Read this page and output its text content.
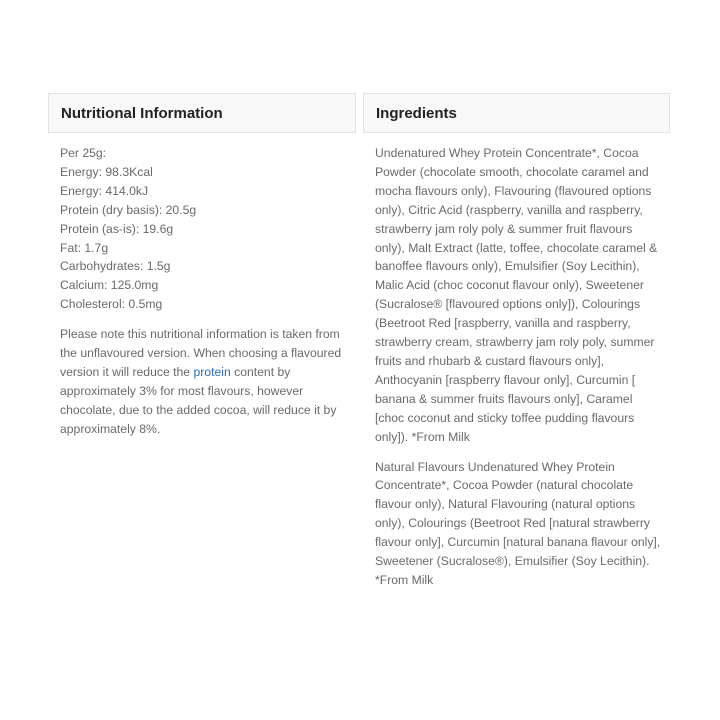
Nutritional Information
Per 25g:
Energy: 98.3Kcal
Energy: 414.0kJ
Protein (dry basis): 20.5g
Protein (as-is): 19.6g
Fat: 1.7g
Carbohydrates: 1.5g
Calcium: 125.0mg
Cholesterol: 0.5mg

Please note this nutritional information is taken from the unflavoured version. When choosing a flavoured version it will reduce the protein content by approximately 3% for most flavours, however chocolate, due to the added cocoa, will reduce it by approximately 8%.

Ingredients

Undenatured Whey Protein Concentrate*, Cocoa Powder (chocolate smooth, chocolate caramel and mocha flavours only), Flavouring (flavoured options only), Citric Acid (raspberry, vanilla and raspberry, strawberry jam roly poly & summer fruit flavours only), Malt Extract (latte, toffee, chocolate caramel & banoffee flavours only), Emulsifier (Soy Lecithin), Malic Acid (choc coconut flavour only), Sweetener (Sucralose® [flavoured options only]), Colourings (Beetroot Red [raspberry, vanilla and raspberry, strawberry cream, strawberry jam roly poly, summer fruits and rhubarb & custard flavours only], Anthocyanin [raspberry flavour only], Curcumin [ banana & summer fruits flavours only], Caramel [choc coconut and sticky toffee pudding flavours only]). *From Milk

Natural Flavours Undenatured Whey Protein Concentrate*, Cocoa Powder (natural chocolate flavour only), Natural Flavouring (natural options only), Colourings (Beetroot Red [natural strawberry flavour only], Curcumin [natural banana flavour only], Sweetener (Sucralose®), Emulsifier (Soy Lecithin). *From Milk
